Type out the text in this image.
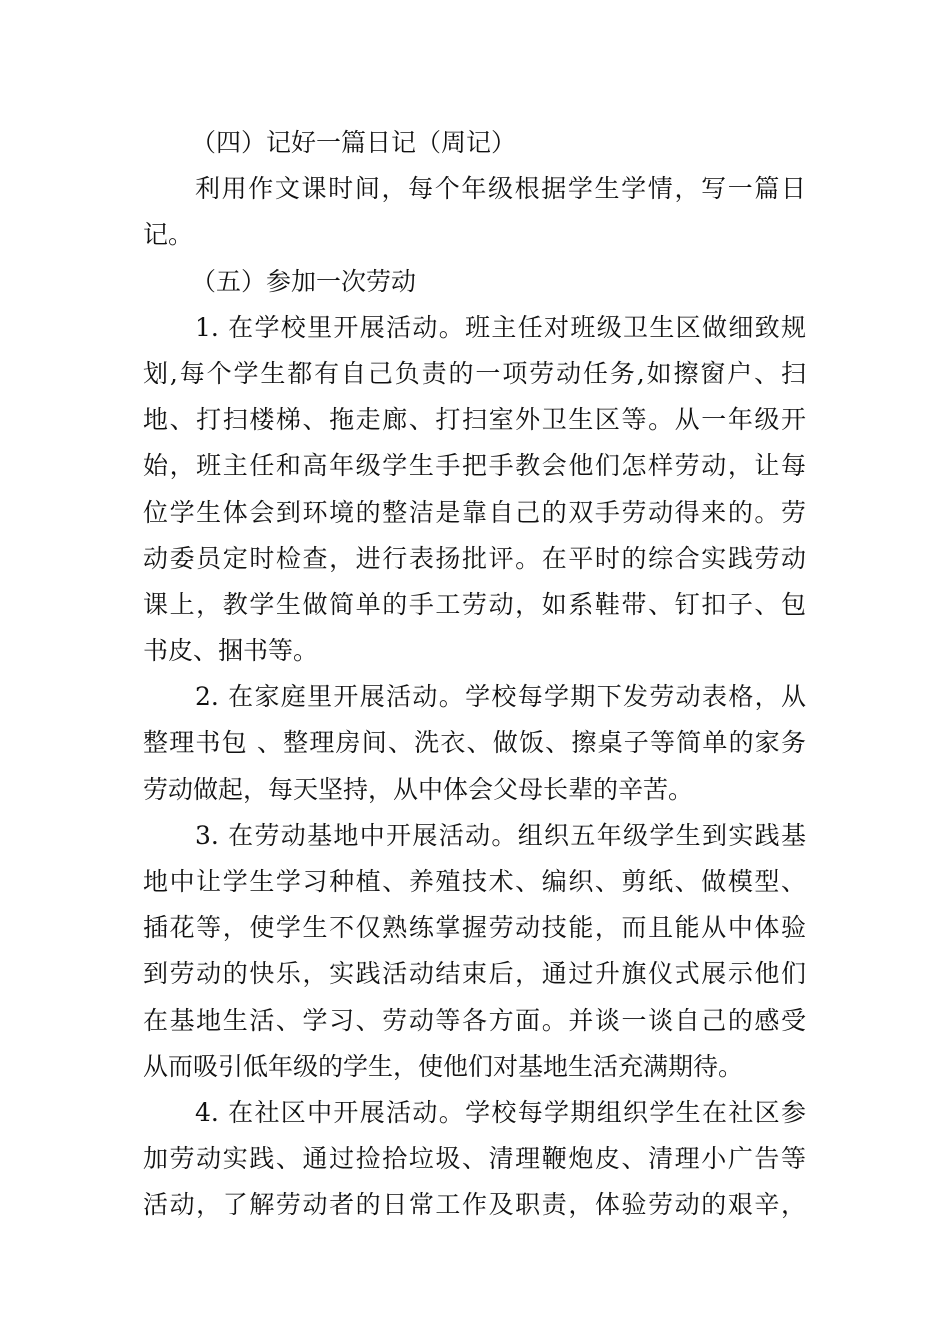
（四）记好一篇日记（周记）
利用作文课时间，每个年级根据学生学情，写一篇日
记。
（五）参加一次劳动
1. 在学校里开展活动。班主任对班级卫生区做细致规
划,每个学生都有自己负责的一项劳动任务,如擦窗户、扫
地、打扫楼梯、拖走廊、打扫室外卫生区等。从一年级开
始，班主任和高年级学生手把手教会他们怎样劳动，让每
位学生体会到环境的整洁是靠自己的双手劳动得来的。劳
动委员定时检查，进行表扬批评。在平时的综合实践劳动
课上，教学生做简单的手工劳动，如系鞋带、钉扣子、包
书皮、捆书等。
2. 在家庭里开展活动。学校每学期下发劳动表格，从
整理书包 、整理房间、洗衣、做饭、擦桌子等简单的家务
劳动做起，每天坚持，从中体会父母长辈的辛苦。
3. 在劳动基地中开展活动。组织五年级学生到实践基
地中让学生学习种植、养殖技术、编织、剪纸、做模型、
插花等，使学生不仅熟练掌握劳动技能，而且能从中体验
到劳动的快乐，实践活动结束后，通过升旗仪式展示他们
在基地生活、学习、劳动等各方面。并谈一谈自己的感受
从而吸引低年级的学生，使他们对基地生活充满期待。
4. 在社区中开展活动。学校每学期组织学生在社区参
加劳动实践、通过捡拾垃圾、清理鞭炮皮、清理小广告等
活动，了解劳动者的日常工作及职责，体验劳动的艰辛，
